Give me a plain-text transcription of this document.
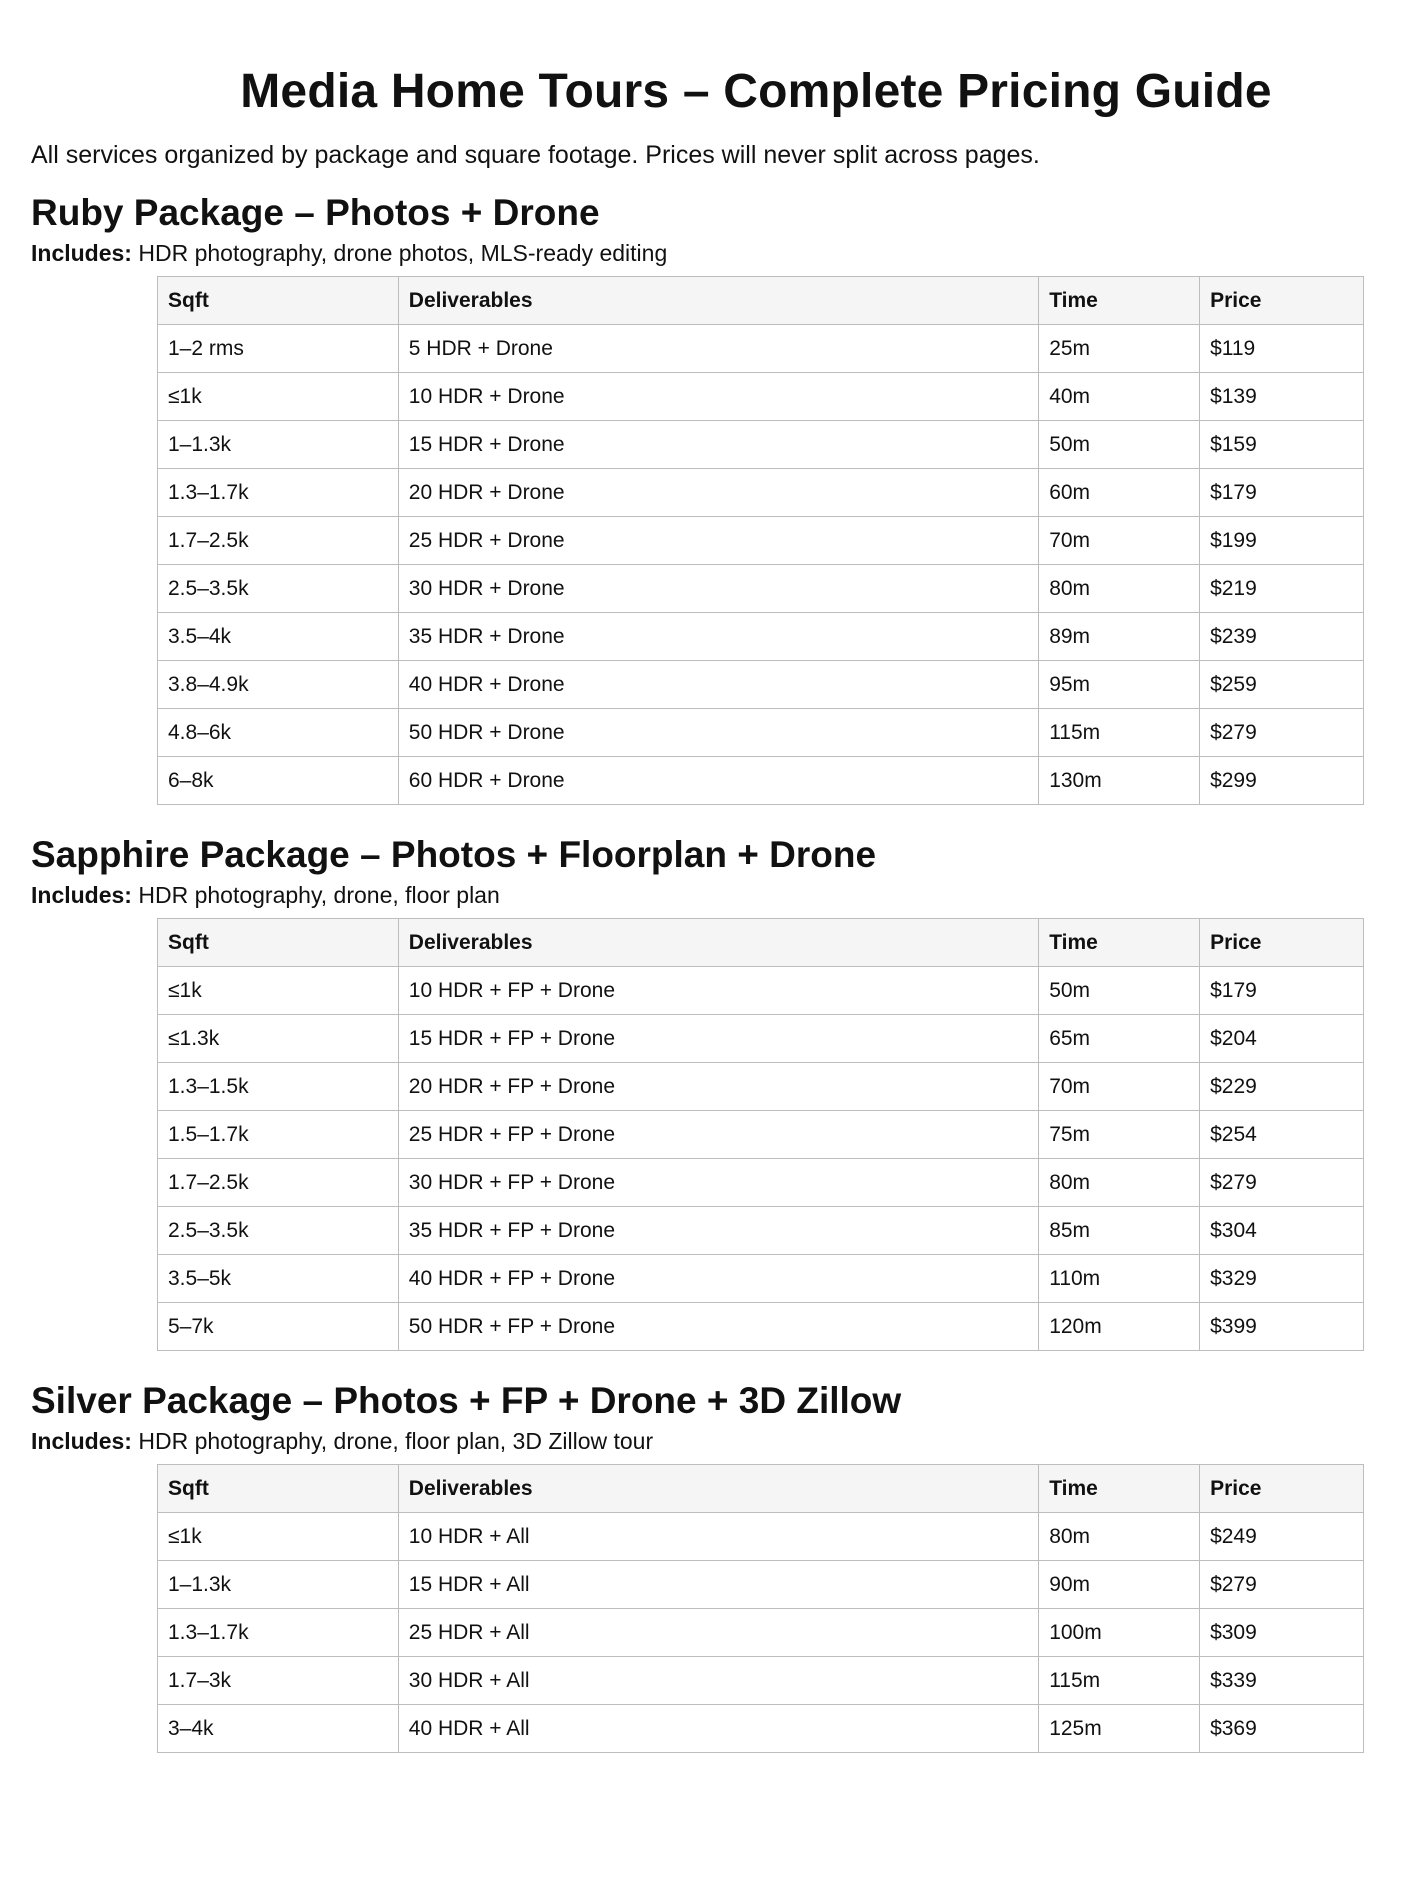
Media Home Tours – Complete Pricing Guide

All services organized by package and square footage. Prices will never split across pages.

Ruby Package – Photos + Drone

Includes: HDR photography, drone photos, MLS-ready editing

Sqft	Deliverables	Time	Price
1–2 rms	5 HDR + Drone	25m	$119
≤1k	10 HDR + Drone	40m	$139
1–1.3k	15 HDR + Drone	50m	$159
1.3–1.7k	20 HDR + Drone	60m	$179
1.7–2.5k	25 HDR + Drone	70m	$199
2.5–3.5k	30 HDR + Drone	80m	$219
3.5–4k	35 HDR + Drone	89m	$239
3.8–4.9k	40 HDR + Drone	95m	$259
4.8–6k	50 HDR + Drone	115m	$279
6–8k	60 HDR + Drone	130m	$299
Sapphire Package – Photos + Floorplan + Drone

Includes: HDR photography, drone, floor plan

Sqft	Deliverables	Time	Price
≤1k	10 HDR + FP + Drone	50m	$179
≤1.3k	15 HDR + FP + Drone	65m	$204
1.3–1.5k	20 HDR + FP + Drone	70m	$229
1.5–1.7k	25 HDR + FP + Drone	75m	$254
1.7–2.5k	30 HDR + FP + Drone	80m	$279
2.5–3.5k	35 HDR + FP + Drone	85m	$304
3.5–5k	40 HDR + FP + Drone	110m	$329
5–7k	50 HDR + FP + Drone	120m	$399
Silver Package – Photos + FP + Drone + 3D Zillow

Includes: HDR photography, drone, floor plan, 3D Zillow tour

Sqft	Deliverables	Time	Price
≤1k	10 HDR + All	80m	$249
1–1.3k	15 HDR + All	90m	$279
1.3–1.7k	25 HDR + All	100m	$309
1.7–3k	30 HDR + All	115m	$339
3–4k	40 HDR + All	125m	$369
